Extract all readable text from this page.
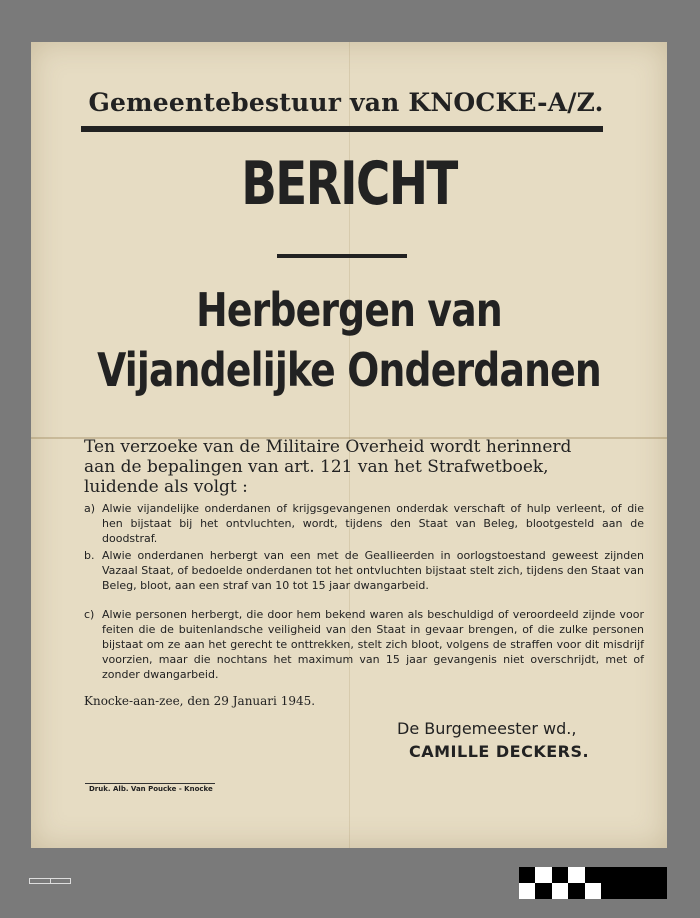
Gemeentebestuur van KNOCKE-A/Z.
BERICHT
Herbergen van
Vijandelijke Onderdanen
Ten verzoeke van de Militaire Overheid wordt herinnerd
aan de bepalingen van art. 121 van het Strafwetboek,
luidende als volgt :
a) Alwie vijandelijke onderdanen of krijgsgevangenen onderdak verschaft of hulp verleent, of die hen bijstaat bij het ontvluchten, wordt, tijdens den Staat van Beleg, blootgesteld aan de doodstraf.
b. Alwie onderdanen herbergt van een met de Geallieerden in oorlogstoestand geweest zijnden Vazaal Staat, of bedoelde onderdanen tot het ontvluchten bijstaat stelt zich, tijdens den Staat van Beleg, bloot, aan een straf van 10 tot 15 jaar dwangarbeid.
c) Alwie personen herbergt, die door hem bekend waren als beschuldigd of veroordeeld zijnde voor feiten die de buitenlandsche veiligheid van den Staat in gevaar brengen, of die zulke personen bijstaat om ze aan het gerecht te onttrekken, stelt zich bloot, volgens de straffen voor dit misdrijf voorzien, maar die nochtans het maximum van 15 jaar gevangenis niet overschrijdt, met of zonder dwangarbeid.
Knocke-aan-zee, den 29 Januari 1945.
De Burgemeester wd.,
CAMILLE DECKERS.
Druk. Alb. Van Poucke - Knocke
